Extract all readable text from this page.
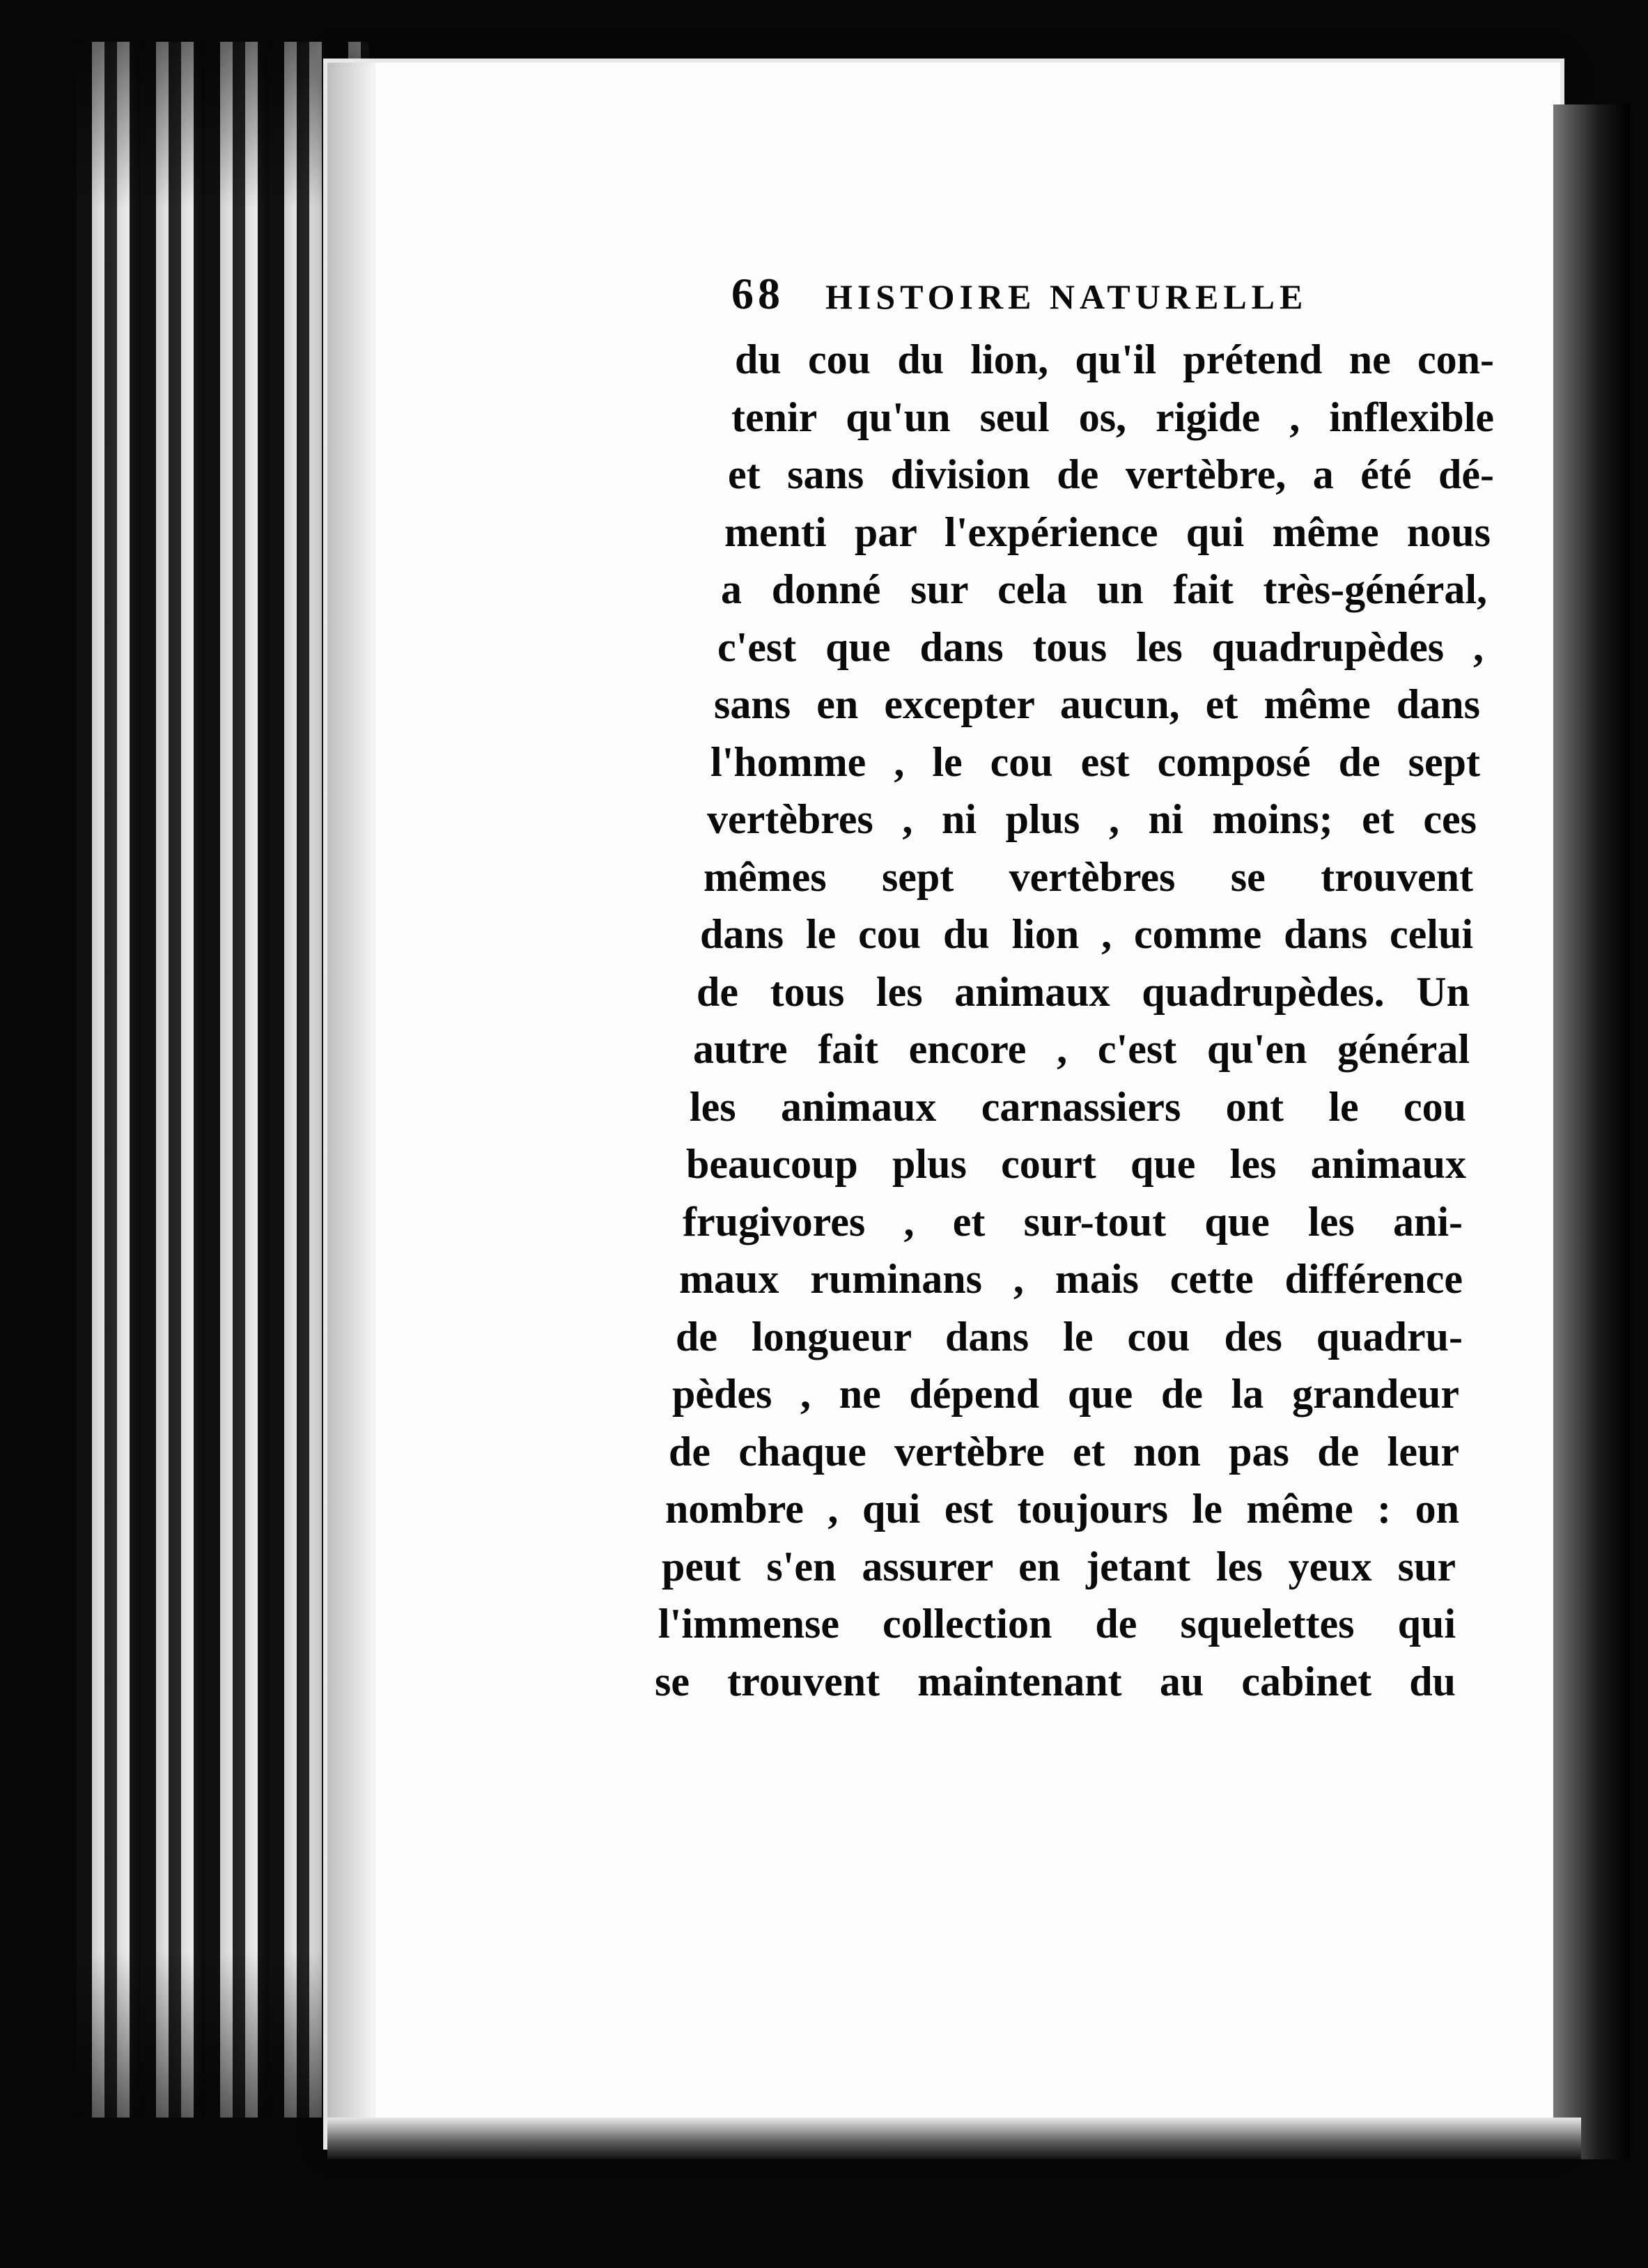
68	HISTOIRE NATURELLE
du cou du lion, qu'il prétend ne con-
tenir qu'un seul os, rigide , inflexible
et sans division de vertèbre, a été dé-
menti par l'expérience qui même nous
a donné sur cela un fait très-général,
c'est que dans tous les quadrupèdes ,
sans en excepter aucun, et même dans
l'homme , le cou est composé de sept
vertèbres , ni plus , ni moins; et ces
mêmes sept vertèbres se trouvent
dans le cou du lion , comme dans celui
de tous les animaux quadrupèdes. Un
autre fait encore , c'est qu'en général
les animaux carnassiers ont le cou
beaucoup plus court que les animaux
frugivores , et sur-tout que les ani-
maux ruminans , mais cette différence
de longueur dans le cou des quadru-
pèdes , ne dépend que de la grandeur
de chaque vertèbre et non pas de leur
nombre , qui est toujours le même : on
peut s'en assurer en jetant les yeux sur
l'immense collection de squelettes qui
se trouvent maintenant au cabinet du
